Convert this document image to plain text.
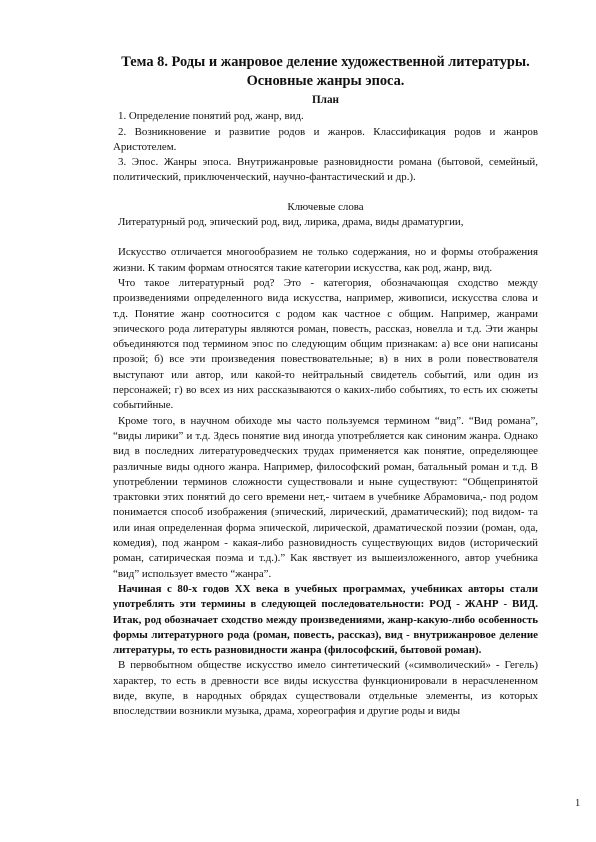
Тема 8. Роды и жанровое деление художественной литературы.

Основные жанры эпоса.

План

1. Определение понятий род, жанр, вид.

2. Возникновение и развитие родов и жанров. Классификация родов и жанров Аристотелем.

3. Эпос. Жанры эпоса. Внутрижанровые разновидности романа (бытовой, семейный, политический, приключенческий, научно-фантастический и др.).

Ключевые слова

Литературный род, эпический род, вид, лирика, драма, виды драматургии,

Искусство отличается многообразием не только содержания, но и формы отображения жизни. К таким формам относятся такие категории искусства, как род, жанр, вид.

Что такое литературный род? Это - категория, обозначающая сходство между произведениями определенного вида искусства, например, живописи, искусства слова и т.д. Понятие жанр соотносится с родом как частное с общим. Например, жанрами эпического рода литературы являются роман, повесть, рассказ, новелла и т.д. Эти жанры объединяются под термином эпос по следующим общим признакам: а) все они написаны прозой; б) все эти произведения повествовательные; в) в них в роли повествователя выступают или автор, или какой-то нейтральный свидетель событий, или один из персонажей; г) во всех из них рассказываются о каких-либо событиях, то есть их сюжеты событийные.

Кроме того, в научном обиходе мы часто пользуемся термином “вид”. “Вид романа”, “виды лирики” и т.д. Здесь понятие вид иногда употребляется как синоним жанра. Однако вид в последних литературоведческих трудах применяется как понятие, определяющее различные виды одного жанра. Например, философский роман, батальный роман и т.д. В употреблении терминов сложности существовали и ныне существуют: “Общепринятой трактовки этих понятий до сего времени нет,- читаем в учебнике Абрамовича,- под родом понимается способ изображения (эпический, лирический, драматический); под видом- та или иная определенная форма эпической, лирической, драматической поэзии (роман, ода, комедия), под жанром - какая-либо разновидность существующих видов (исторический роман, сатирическая поэма и т.д.).” Как явствует из вышеизложенного, автор учебника “вид” использует вместо “жанра”.

Начиная с 80-х годов XX века в учебных программах, учебниках авторы стали употреблять эти термины в следующей последовательности: РОД - ЖАНР - ВИД. Итак, род обозначает сходство между произведениями, жанр-какую-либо особенность формы литературного рода (роман, повесть, рассказ), вид - внутрижанровое деление литературы, то есть разновидности жанра (философский, бытовой роман).

В первобытном обществе искусство имело синтетический («символический» - Гегель) характер, то есть в древности все виды искусства функционировали в нерасчлененном виде, вкупе, в народных обрядах существовали отдельные элементы, из которых впоследствии возникли музыка, драма, хореография и другие роды и виды

1
